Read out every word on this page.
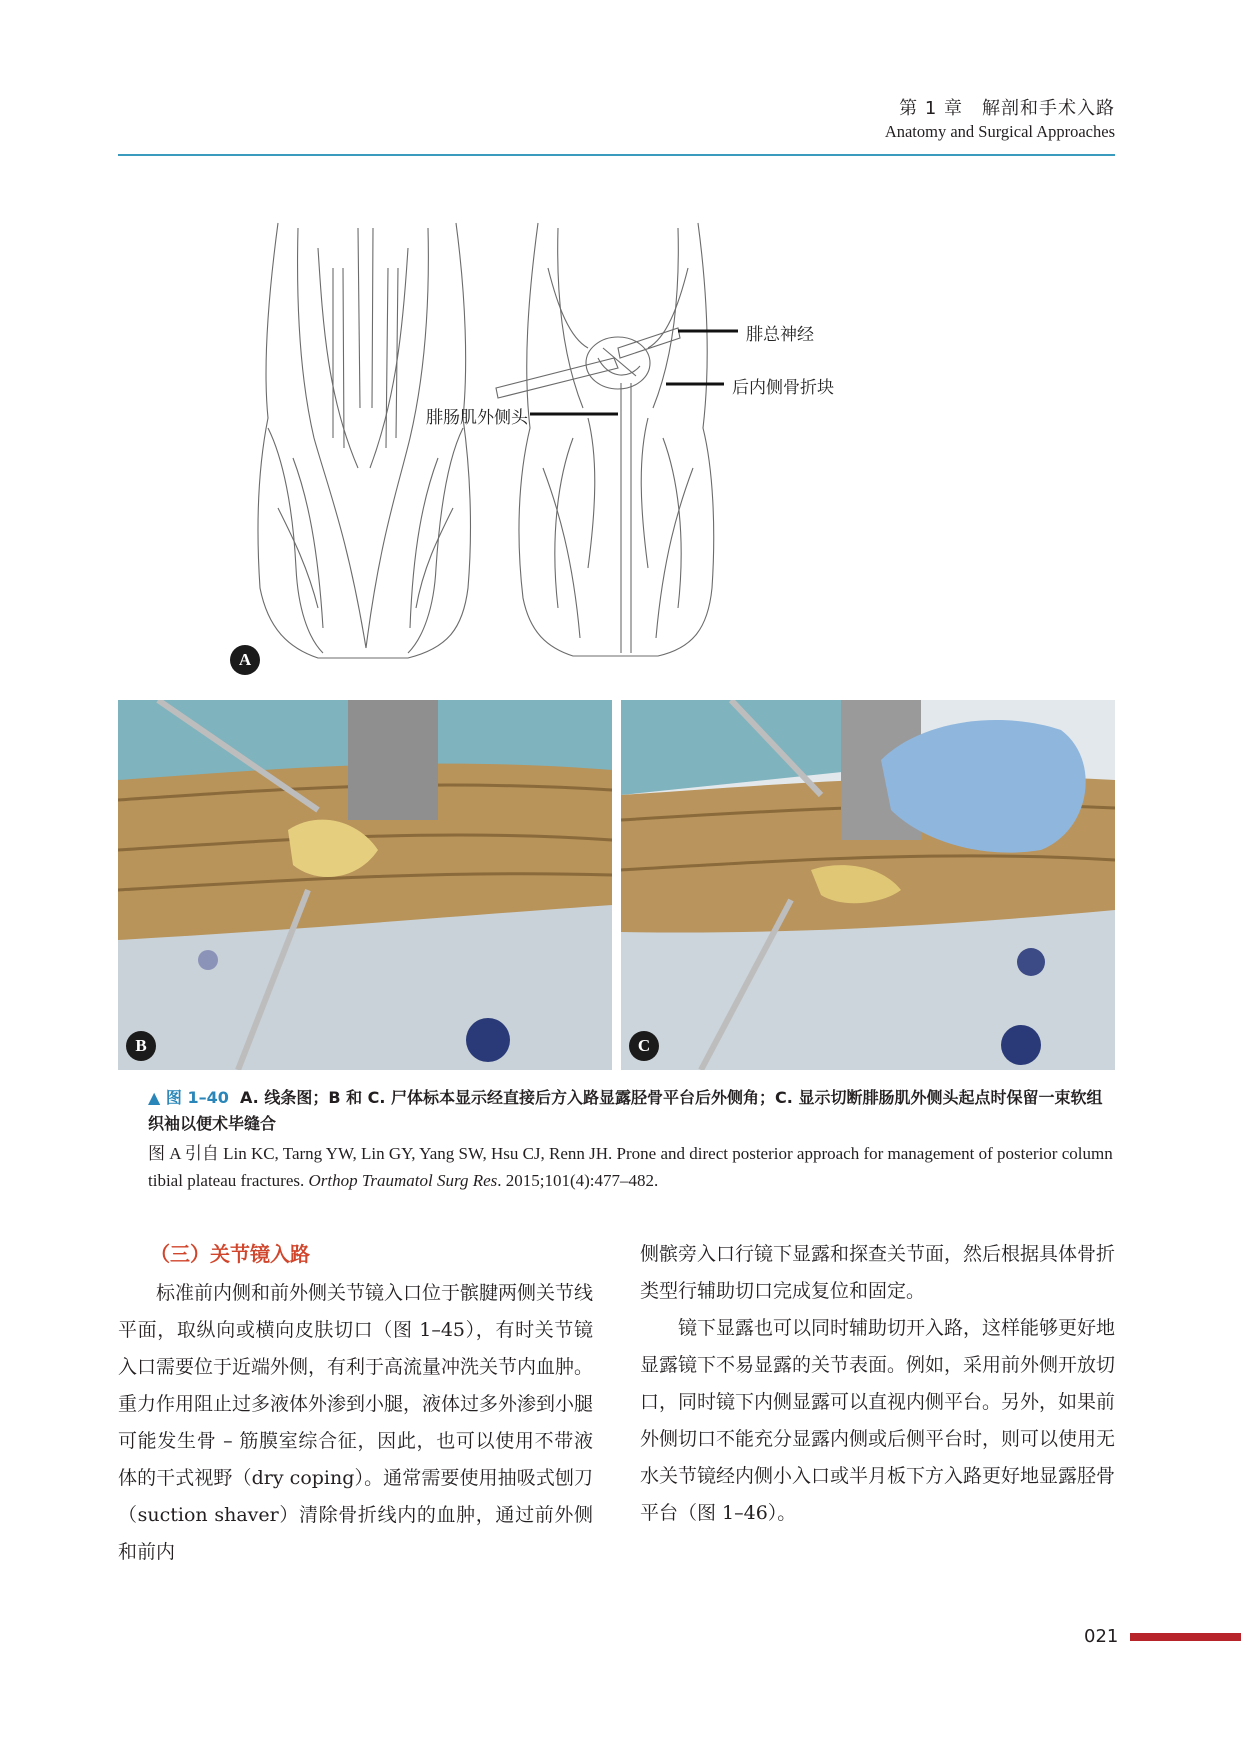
第 1 章　解剖和手术入路
Anatomy and Surgical Approaches
腓总神经
后内侧骨折块
腓肠肌外侧头
A
B	C
▲ 图 1–40 A. 线条图；B 和 C. 尸体标本显示经直接后方入路显露胫骨平台后外侧角；C. 显示切断腓肠肌外侧头起点时保留一束软组织袖以便术毕缝合
图 A 引自 Lin KC, Tarng YW, Lin GY, Yang SW, Hsu CJ, Renn JH. Prone and direct posterior approach for management of posterior column tibial plateau fractures. Orthop Traumatol Surg Res. 2015;101(4):477–482.
（三）关节镜入路

标准前内侧和前外侧关节镜入口位于髌腱两侧关节线平面，取纵向或横向皮肤切口（图 1–45），有时关节镜入口需要位于近端外侧，有利于高流量冲洗关节内血肿。重力作用阻止过多液体外渗到小腿，液体过多外渗到小腿可能发生骨 – 筋膜室综合征，因此，也可以使用不带液体的干式视野（dry coping）。通常需要使用抽吸式刨刀（suction shaver）清除骨折线内的血肿，通过前外侧和前内

侧髌旁入口行镜下显露和探查关节面，然后根据具体骨折类型行辅助切口完成复位和固定。

镜下显露也可以同时辅助切开入路，这样能够更好地显露镜下不易显露的关节表面。例如，采用前外侧开放切口，同时镜下内侧显露可以直视内侧平台。另外，如果前外侧切口不能充分显露内侧或后侧平台时，则可以使用无水关节镜经内侧小入口或半月板下方入路更好地显露胫骨平台（图 1–46）。

021
